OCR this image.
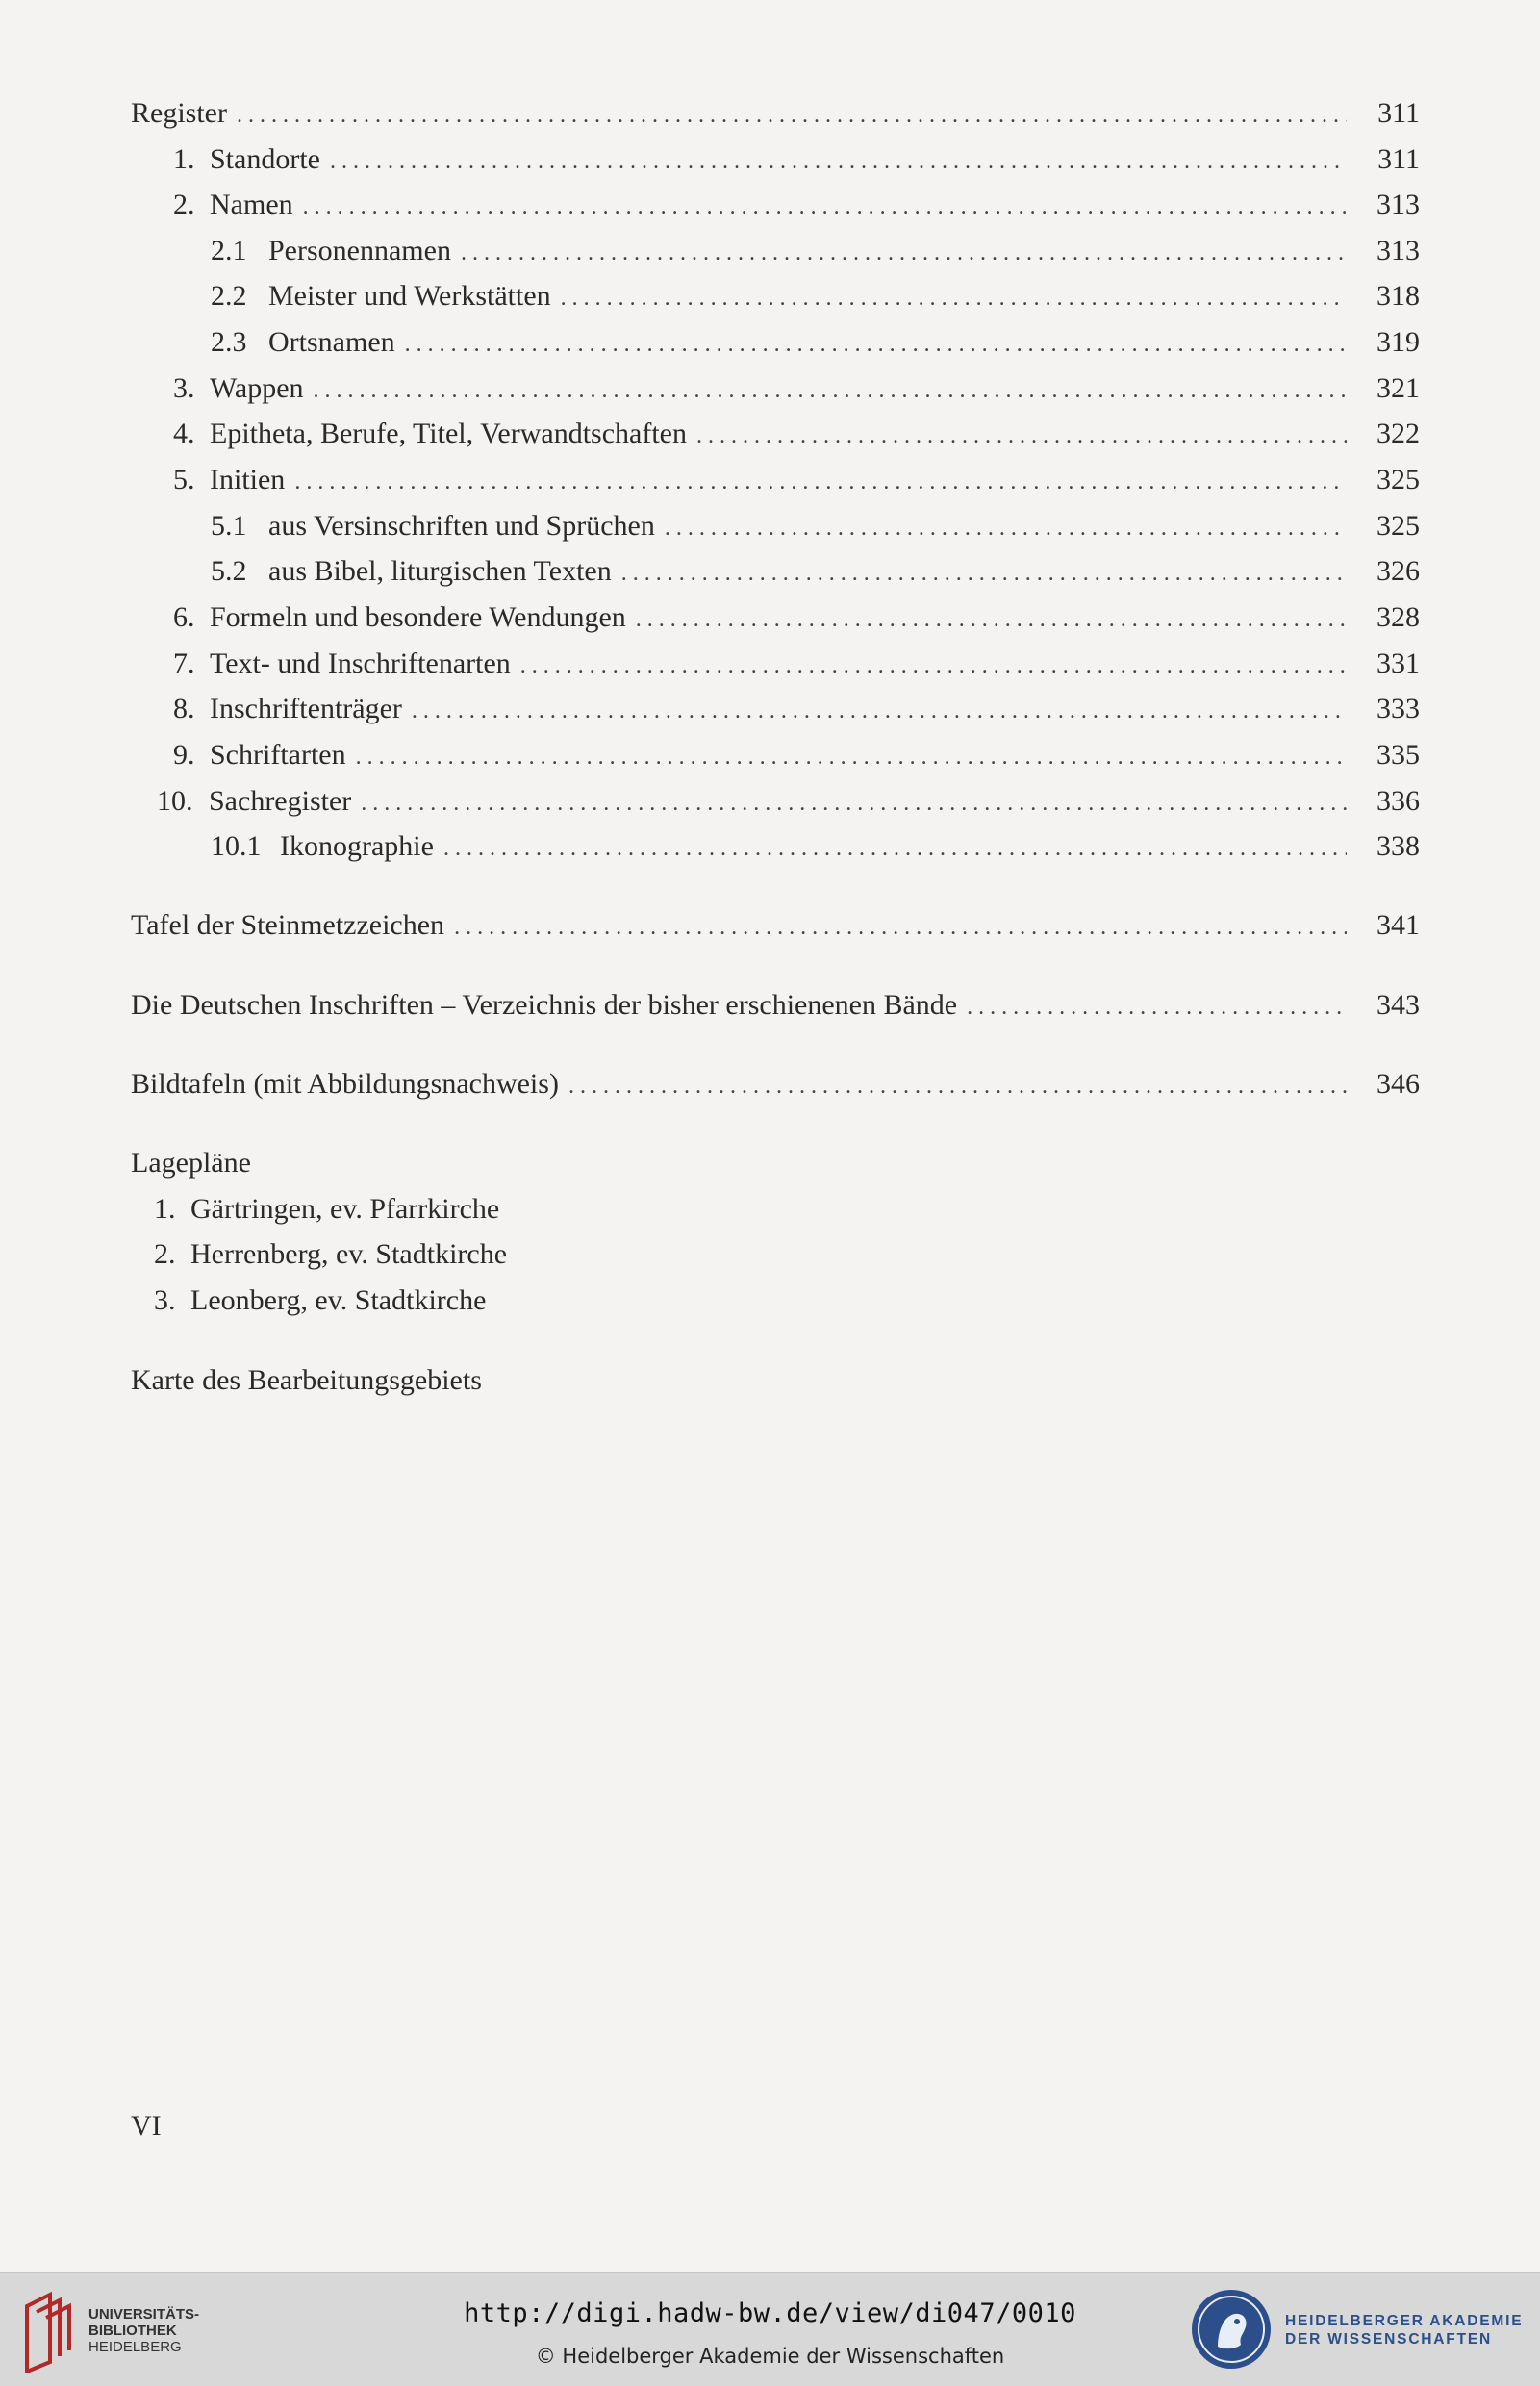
Register . . .	311
1. Standorte . . .	311
2. Namen . . .	313
2.1 Personennamen . . .	313
2.2 Meister und Werkstätten . . .	318
2.3 Ortsnamen . . .	319
3. Wappen . . .	321
4. Epitheta, Berufe, Titel, Verwandtschaften . . .	322
5. Initien . . .	325
5.1 aus Versinschriften und Sprüchen . . .	325
5.2 aus Bibel, liturgischen Texten . . .	326
6. Formeln und besondere Wendungen . . .	328
7. Text- und Inschriftenarten . . .	331
8. Inschriftenträger . . .	333
9. Schriftarten . . .	335
10. Sachregister . . .	336
10.1 Ikonographie . . .	338
Tafel der Steinmetzzeichen . . .	341
Die Deutschen Inschriften – Verzeichnis der bisher erschienenen Bände . . .	343
Bildtafeln (mit Abbildungsnachweis) . . .	346
Lagepläne
1. Gärtringen, ev. Pfarrkirche
2. Herrenberg, ev. Stadtkirche
3. Leonberg, ev. Stadtkirche
Karte des Bearbeitungsgebiets
VI
UNIVERSITÄTS-
BIBLIOTHEK
HEIDELBERG
http://digi.hadw-bw.de/view/di047/0010
© Heidelberger Akademie der Wissenschaften
HEIDELBERGER AKADEMIE
DER WISSENSCHAFTEN
